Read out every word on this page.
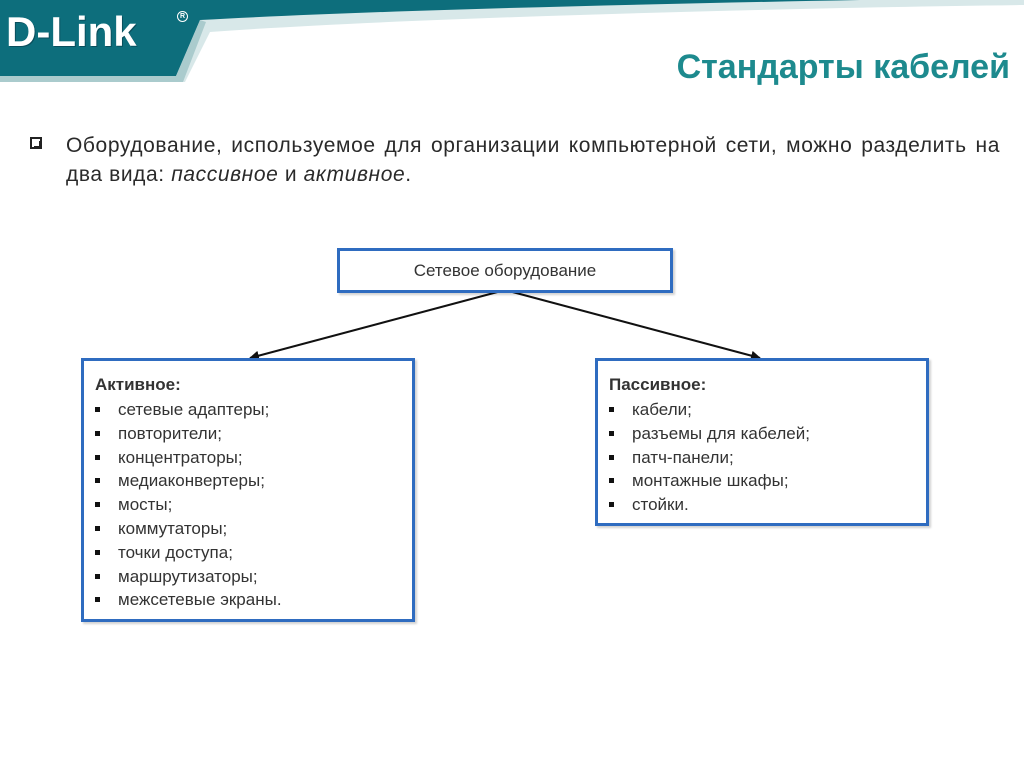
D-Link	R
Стандарты кабелей
Оборудование, используемое для организации компьютерной сети, можно разделить на два вида: пассивное и активное.
Сетевое оборудование
Активное:
сетевые адаптеры;
повторители;
концентраторы;
медиаконвертеры;
мосты;
коммутаторы;
точки доступа;
маршрутизаторы;
межсетевые экраны.
Пассивное:
кабели;
разъемы для кабелей;
патч-панели;
монтажные шкафы;
стойки.
